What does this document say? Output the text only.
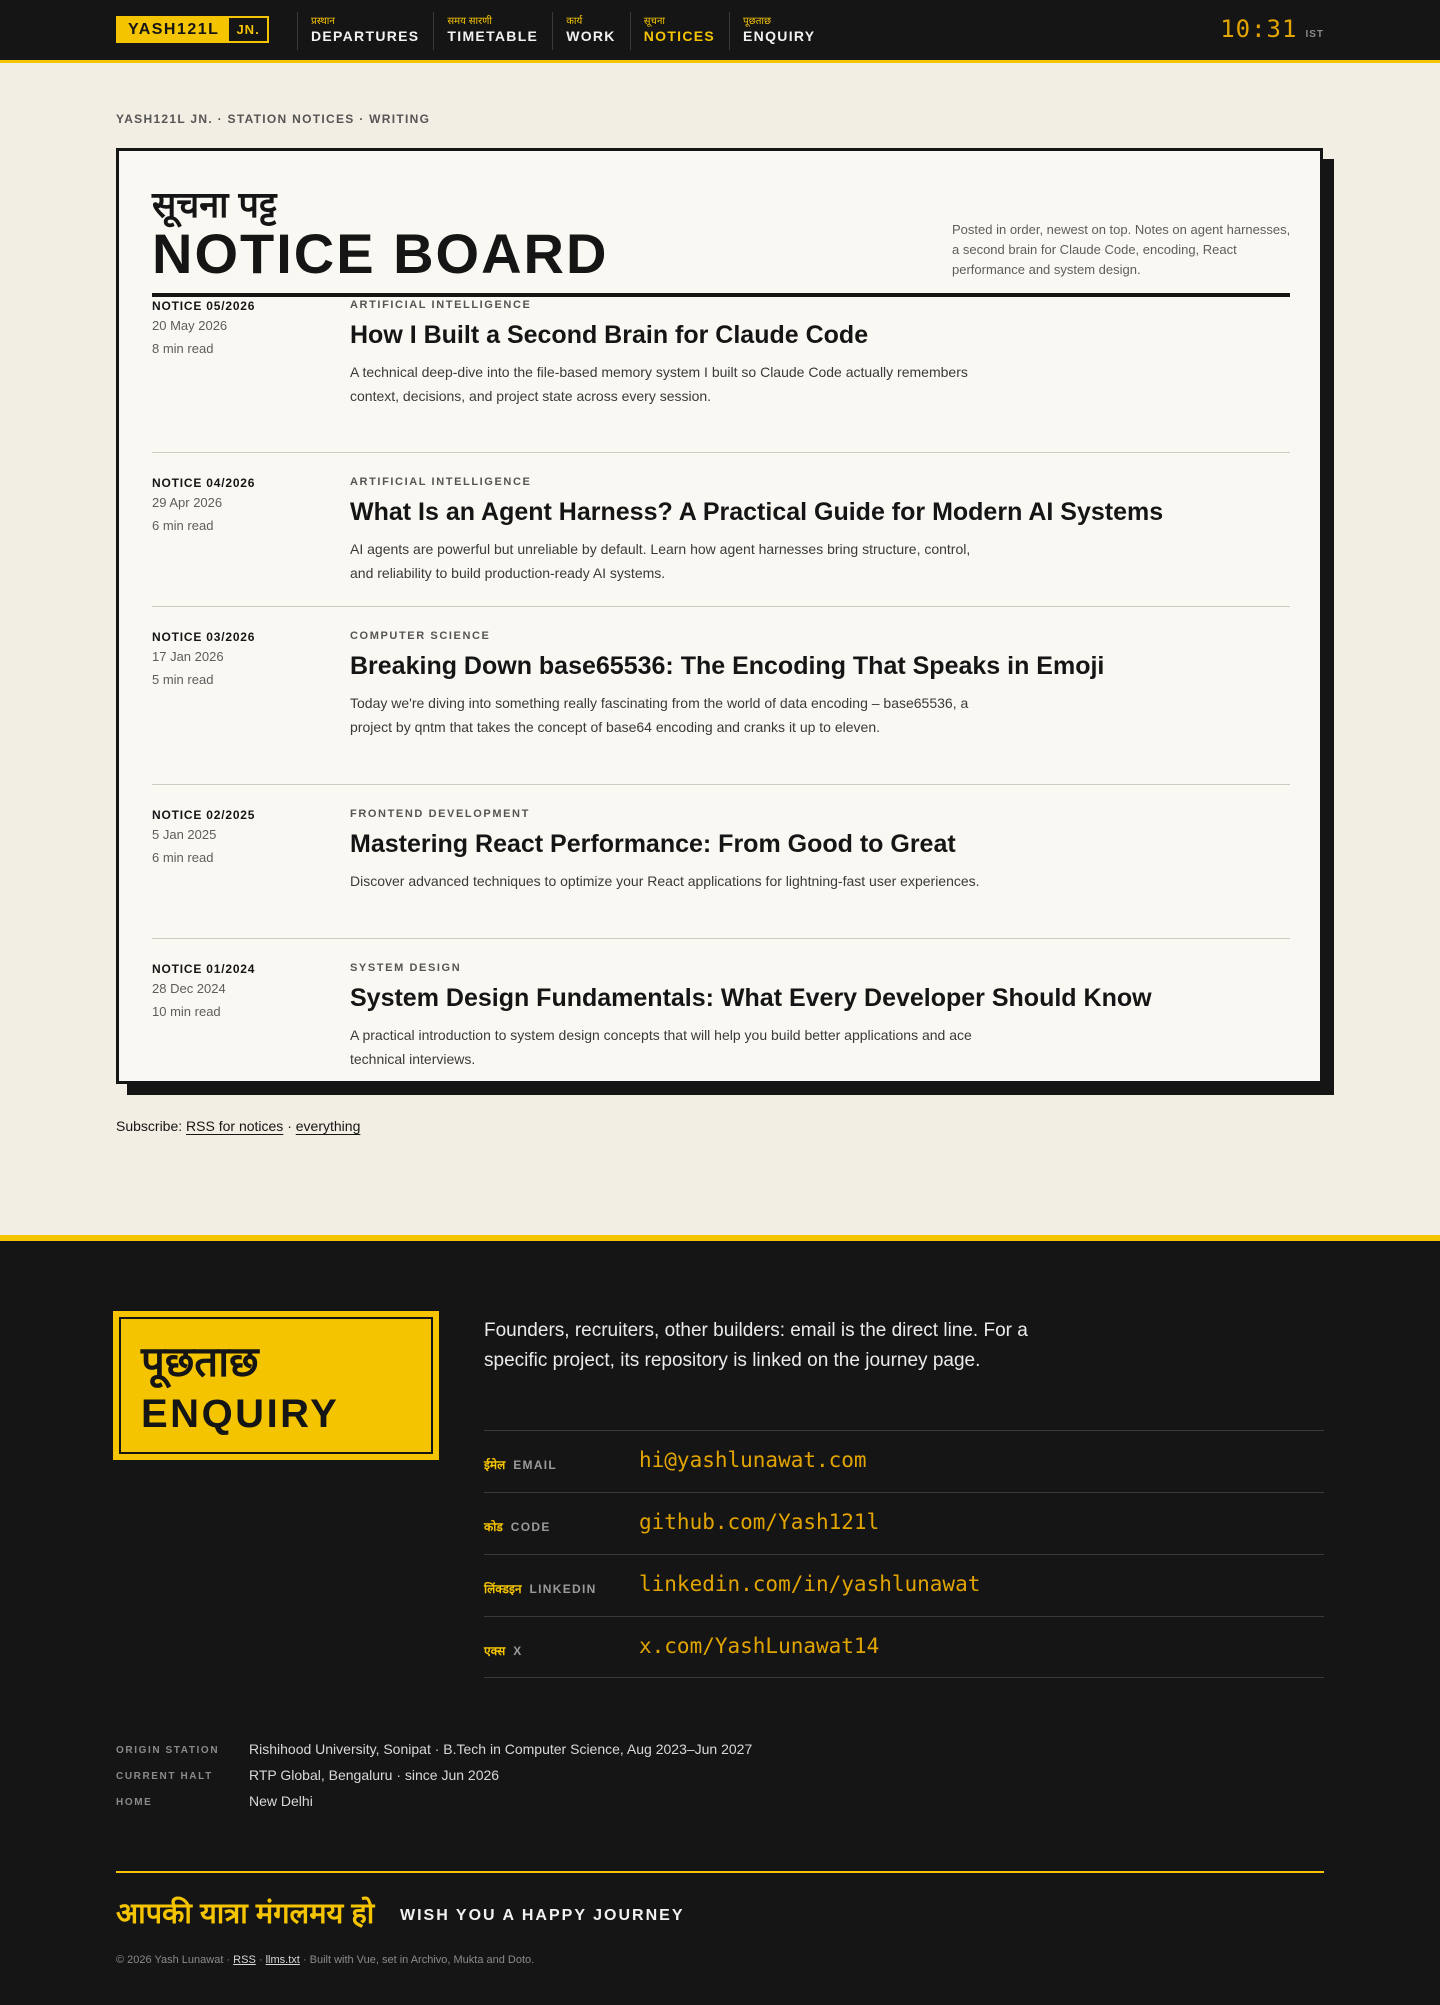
YASH121L	JN.
प्रस्थान
DEPARTURES
समय सारणी
TIMETABLE
कार्य
WORK
सूचना
NOTICES
पूछताछ
ENQUIRY	10:31 IST
YASH121L JN. · STATION NOTICES · WRITING
सूचना पट्ट
NOTICE BOARD	Posted in order, newest on top. Notes on agent harnesses, a second brain for Claude Code, encoding, React performance and system design.

NOTICE 05/2026
20 May 2026
8 min read
ARTIFICIAL INTELLIGENCE
How I Built a Second Brain for Claude Code

A technical deep-dive into the file-based memory system I built so Claude Code actually remembers context, decisions, and project state across every session.

NOTICE 04/2026
29 Apr 2026
6 min read
ARTIFICIAL INTELLIGENCE
What Is an Agent Harness? A Practical Guide for Modern AI Systems

AI agents are powerful but unreliable by default. Learn how agent harnesses bring structure, control, and reliability to build production-ready AI systems.

NOTICE 03/2026
17 Jan 2026
5 min read
COMPUTER SCIENCE
Breaking Down base65536: The Encoding That Speaks in Emoji

Today we're diving into something really fascinating from the world of data encoding – base65536, a project by qntm that takes the concept of base64 encoding and cranks it up to eleven.

NOTICE 02/2025
5 Jan 2025
6 min read
FRONTEND DEVELOPMENT
Mastering React Performance: From Good to Great

Discover advanced techniques to optimize your React applications for lightning-fast user experiences.

NOTICE 01/2024
28 Dec 2024
10 min read
SYSTEM DESIGN
System Design Fundamentals: What Every Developer Should Know

A practical introduction to system design concepts that will help you build better applications and ace technical interviews.

Subscribe: RSS for notices · everything
पूछताछ
ENQUIRY

Founders, recruiters, other builders: email is the direct line. For a specific project, its repository is linked on the journey page.

ईमेल EMAIL	hi@yashlunawat.com
कोड CODE	github.com/Yash121l
लिंक्डइन LINKEDIN linkedin.com/in/yashlunawat
एक्स X	x.com/YashLunawat14
ORIGIN STATION Rishihood University, Sonipat · B.Tech in Computer Science, Aug 2023–Jun 2027
CURRENT HALT	RTP Global, Bengaluru · since Jun 2026
HOME	New Delhi
आपकी यात्रा मंगलमय हो WISH YOU A HAPPY JOURNEY
© 2026 Yash Lunawat · RSS · llms.txt · Built with Vue, set in Archivo, Mukta and Doto.
